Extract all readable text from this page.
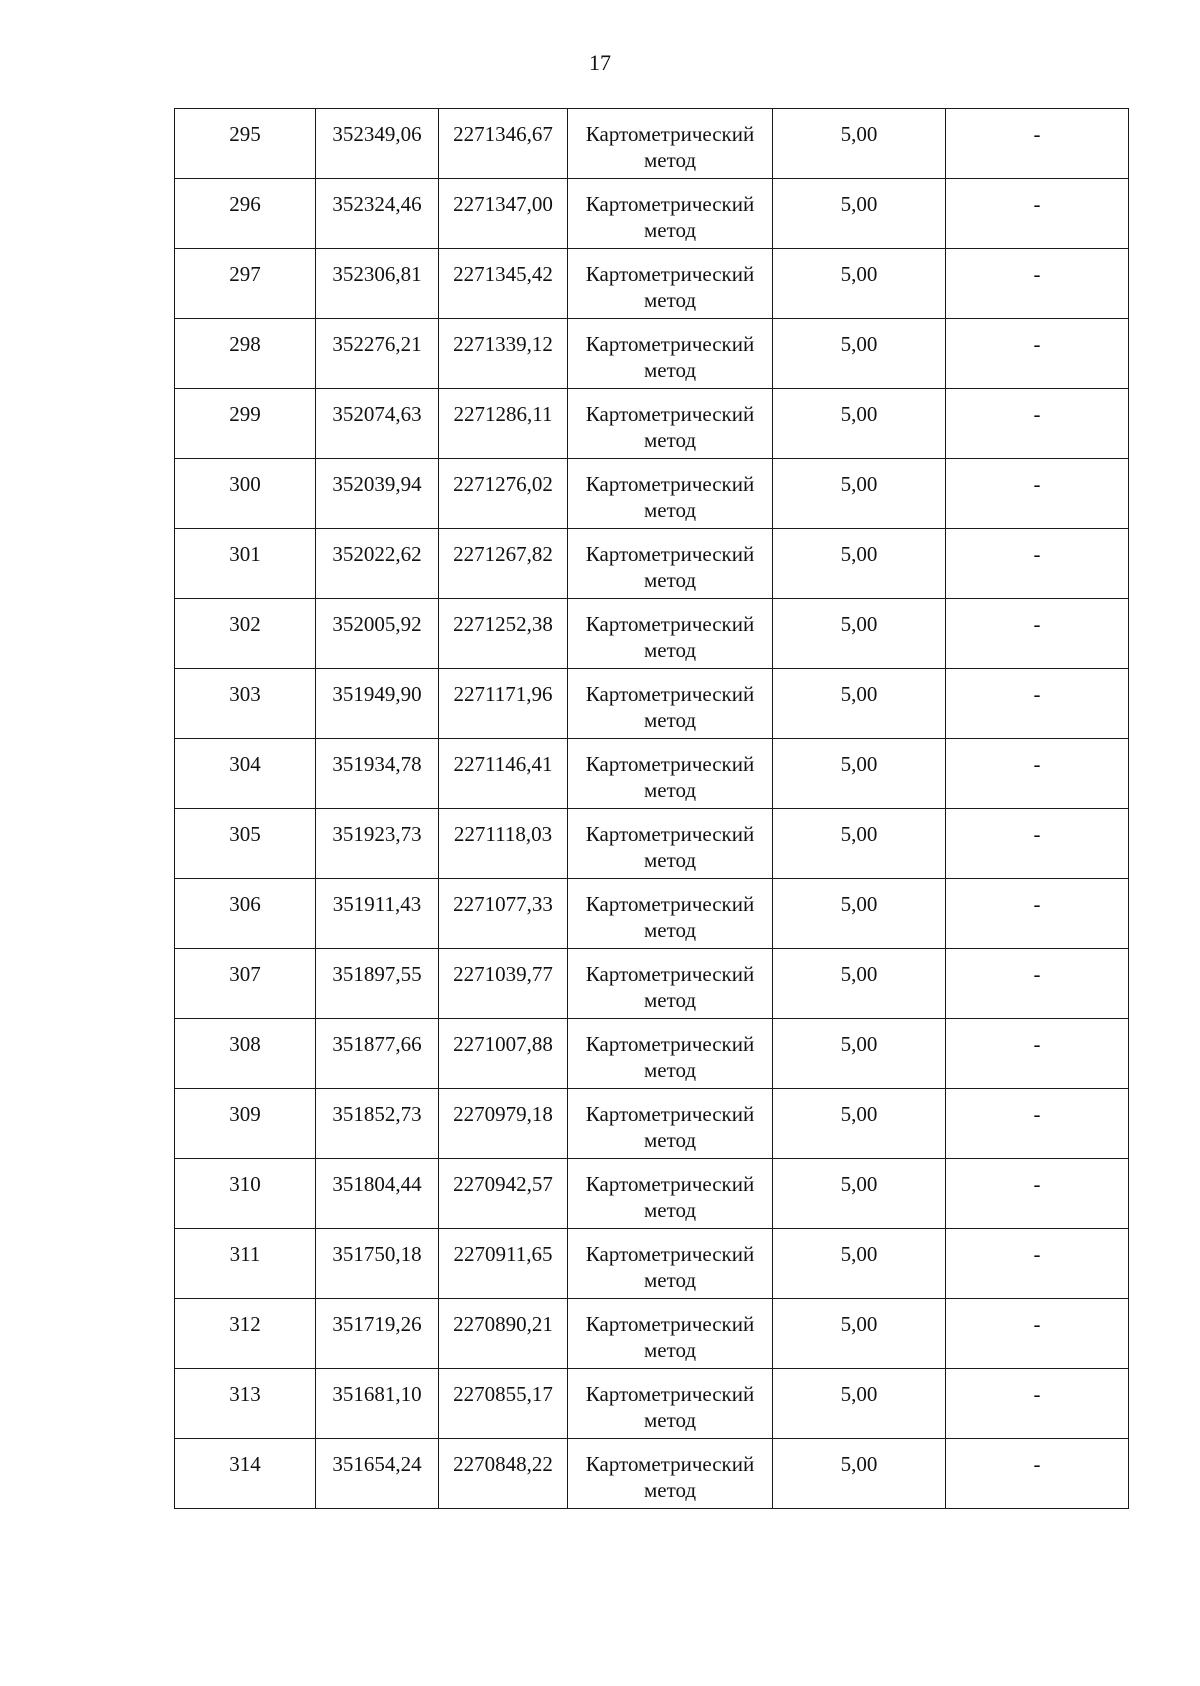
17
295	352349,06	2271346,67	Картометрический метод	5,00	-
296	352324,46	2271347,00	Картометрический метод	5,00	-
297	352306,81	2271345,42	Картометрический метод	5,00	-
298	352276,21	2271339,12	Картометрический метод	5,00	-
299	352074,63	2271286,11	Картометрический метод	5,00	-
300	352039,94	2271276,02	Картометрический метод	5,00	-
301	352022,62	2271267,82	Картометрический метод	5,00	-
302	352005,92	2271252,38	Картометрический метод	5,00	-
303	351949,90	2271171,96	Картометрический метод	5,00	-
304	351934,78	2271146,41	Картометрический метод	5,00	-
305	351923,73	2271118,03	Картометрический метод	5,00	-
306	351911,43	2271077,33	Картометрический метод	5,00	-
307	351897,55	2271039,77	Картометрический метод	5,00	-
308	351877,66	2271007,88	Картометрический метод	5,00	-
309	351852,73	2270979,18	Картометрический метод	5,00	-
310	351804,44	2270942,57	Картометрический метод	5,00	-
311	351750,18	2270911,65	Картометрический метод	5,00	-
312	351719,26	2270890,21	Картометрический метод	5,00	-
313	351681,10	2270855,17	Картометрический метод	5,00	-
314	351654,24	2270848,22	Картометрический метод	5,00	-
